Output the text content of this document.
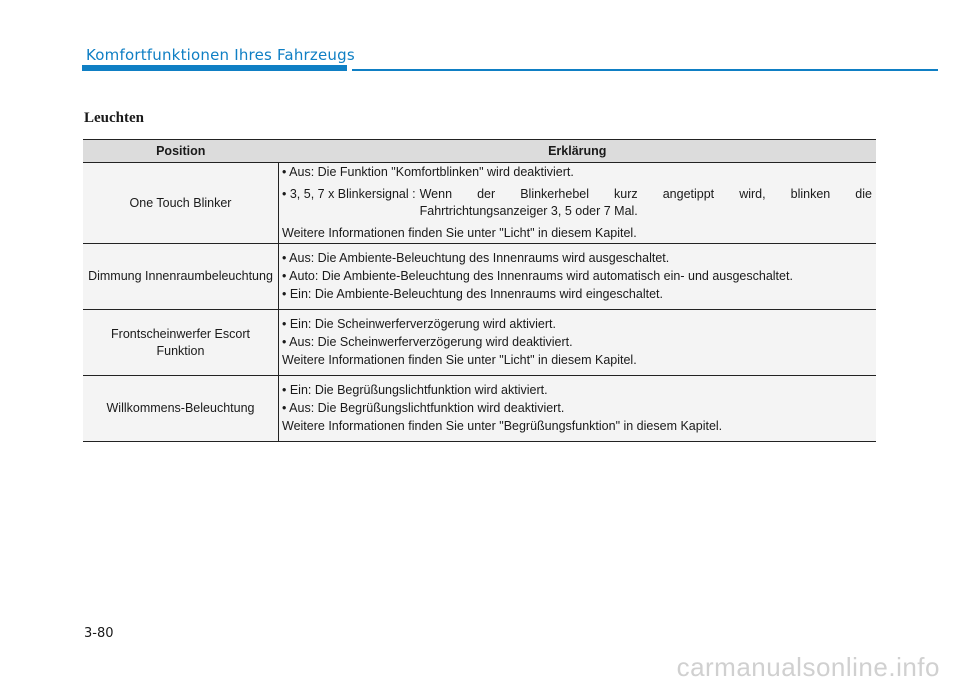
Komfortfunktionen Ihres Fahrzeugs
Leuchten
Position	Erklärung
One Touch Blinker	• Aus: Die Funktion "Komfortblinken" wird deaktiviert.
• 3, 5, 7 x Blinkersignal : Wenn der Blinkerhebel kurz angetippt wird, blinken die
Fahrtrichtungsanzeiger 3, 5 oder 7 Mal.
Weitere Informationen finden Sie unter "Licht" in diesem Kapitel.

Dimmung Innenraumbeleuchtung	• Aus: Die Ambiente-Beleuchtung des Innenraums wird ausgeschaltet.
• Auto: Die Ambiente-Beleuchtung des Innenraums wird automatisch ein- und ausgeschaltet.
• Ein: Die Ambiente-Beleuchtung des Innenraums wird eingeschaltet.

Frontscheinwerfer Escort Funktion	• Ein: Die Scheinwerferverzögerung wird aktiviert.
• Aus: Die Scheinwerferverzögerung wird deaktiviert.
Weitere Informationen finden Sie unter "Licht" in diesem Kapitel.

Willkommens-Beleuchtung	• Ein: Die Begrüßungslichtfunktion wird aktiviert.
• Aus: Die Begrüßungslichtfunktion wird deaktiviert.
Weitere Informationen finden Sie unter "Begrüßungsfunktion" in diesem Kapitel.
3-80
carmanualsonline.info
